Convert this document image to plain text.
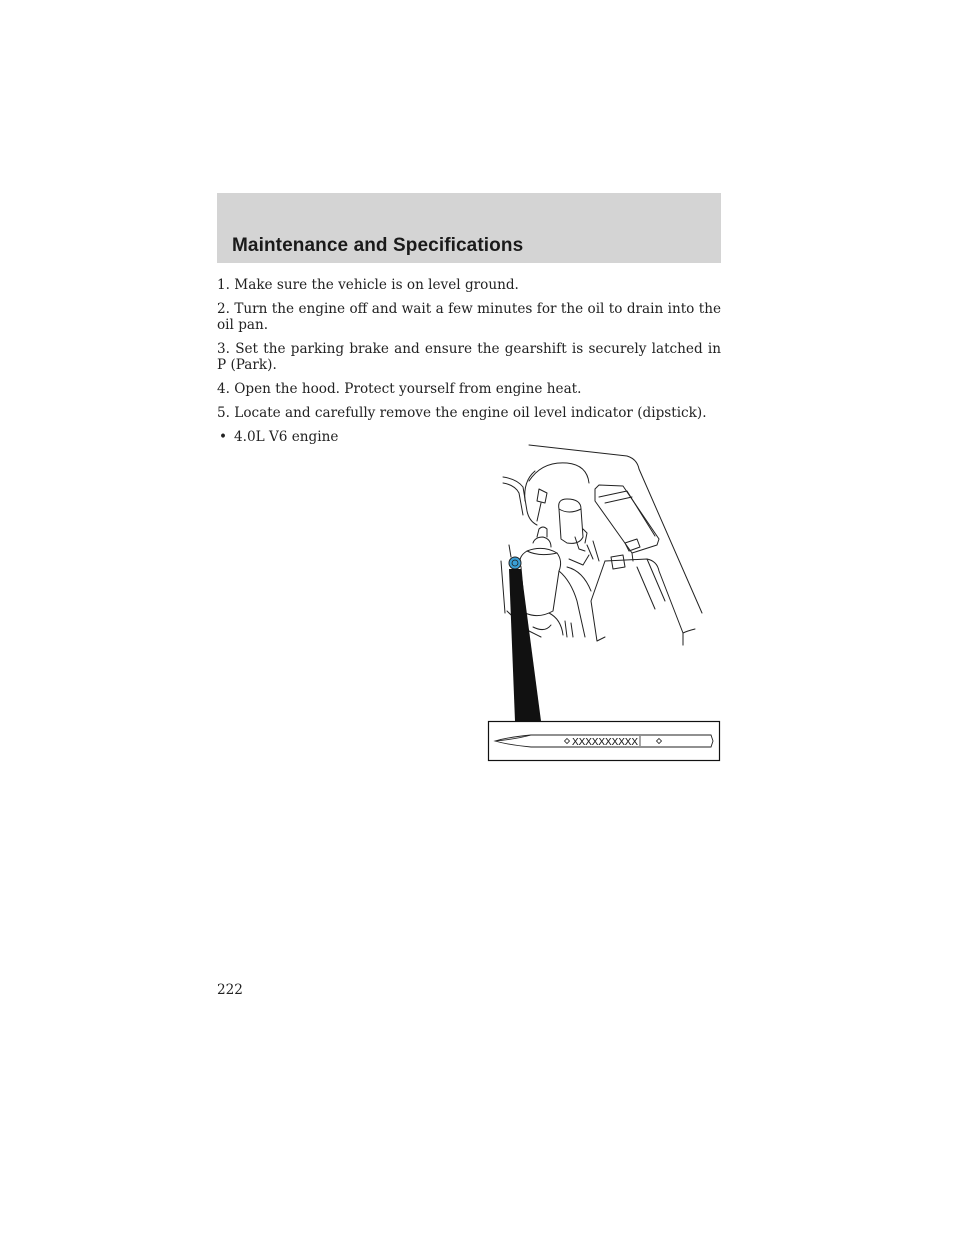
Maintenance and Specifications

1. Make sure the vehicle is on level ground.

2. Turn the engine off and wait a few minutes for the oil to drain into the oil pan.

3. Set the parking brake and ensure the gearshift is securely latched in P (Park).

4. Open the hood. Protect yourself from engine heat.

5. Locate and carefully remove the engine oil level indicator (dipstick).

• 4.0L V6 engine

XXXXXXXXXX
222
